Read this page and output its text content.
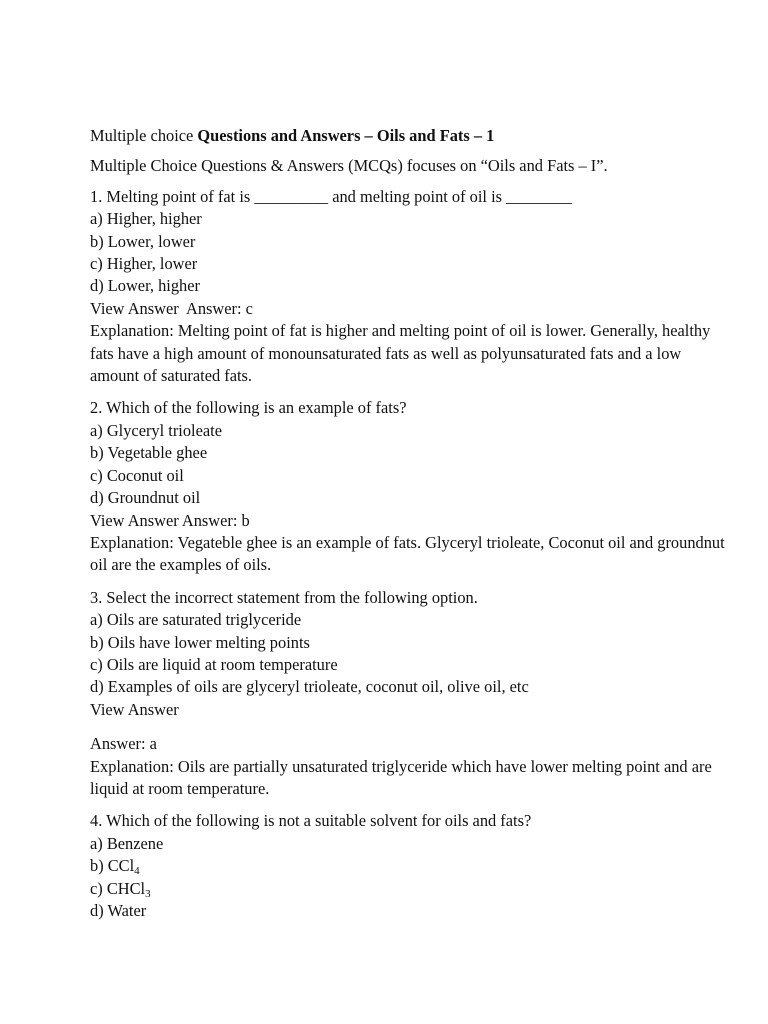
Multiple choice Questions and Answers – Oils and Fats – 1
Multiple Choice Questions & Answers (MCQs) focuses on “Oils and Fats – I”.
1. Melting point of fat is _________ and melting point of oil is ________
a) Higher, higher
b) Lower, lower
c) Higher, lower
d) Lower, higher
View Answer  Answer: c
Explanation: Melting point of fat is higher and melting point of oil is lower. Generally, healthy fats have a high amount of monounsaturated fats as well as polyunsaturated fats and a low amount of saturated fats.
2. Which of the following is an example of fats?
a) Glyceryl trioleate
b) Vegetable ghee
c) Coconut oil
d) Groundnut oil
View Answer Answer: b
Explanation: Vegateble ghee is an example of fats. Glyceryl trioleate, Coconut oil and groundnut oil are the examples of oils.
3. Select the incorrect statement from the following option.
a) Oils are saturated triglyceride
b) Oils have lower melting points
c) Oils are liquid at room temperature
d) Examples of oils are glyceryl trioleate, coconut oil, olive oil, etc
View Answer
Answer: a
Explanation: Oils are partially unsaturated triglyceride which have lower melting point and are liquid at room temperature.
4. Which of the following is not a suitable solvent for oils and fats?
a) Benzene
b) CCl$_4$
c) CHCl$_3$
d) Water
